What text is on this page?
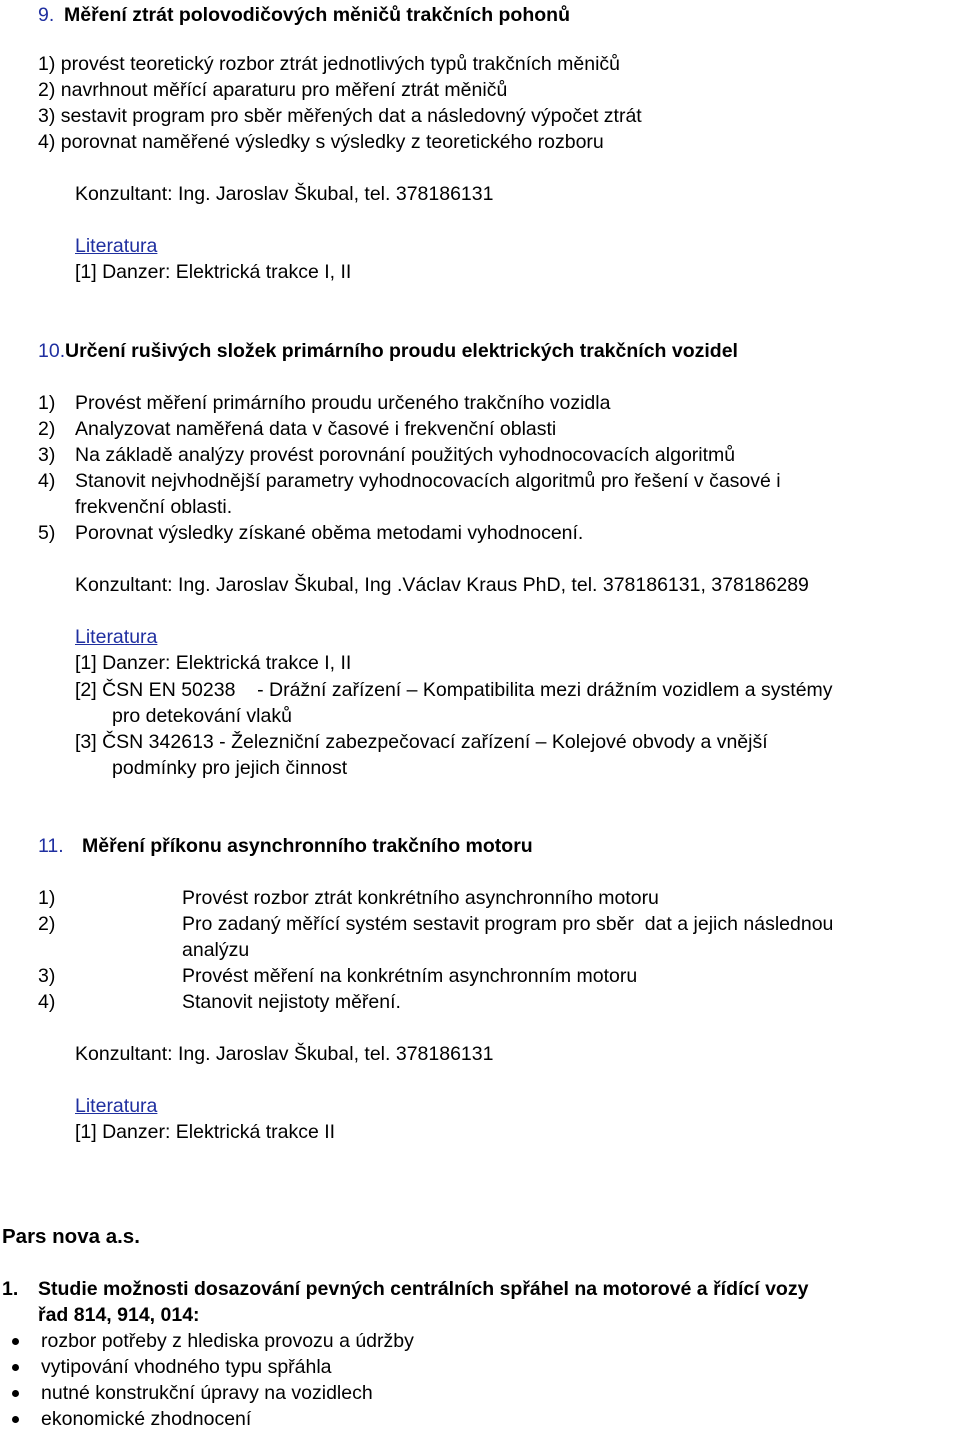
9. Měření ztrát polovodičových měničů trakčních pohonů
1) provést teoretický rozbor ztrát jednotlivých typů trakčních měničů
2) navrhnout měřící aparaturu pro měření ztrát měničů
3) sestavit program pro sběr měřených dat a následovný výpočet ztrát
4) porovnat naměřené výsledky s výsledky z teoretického rozboru
Konzultant: Ing. Jaroslav Škubal, tel. 378186131
Literatura
[1] Danzer: Elektrická trakce I, II
10. Určení rušivých složek primárního proudu elektrických trakčních vozidel
1) Provést měření primárního proudu určeného trakčního vozidla
2) Analyzovat naměřená data v časové i frekvenční oblasti
3) Na základě analýzy provést porovnání použitých vyhodnocovacích algoritmů
4) Stanovit nejvhodnější parametry vyhodnocovacích algoritmů pro řešení v časové i
frekvenční oblasti.
5) Porovnat výsledky získané oběma metodami vyhodnocení.
Konzultant: Ing. Jaroslav Škubal, Ing .Václav Kraus PhD, tel. 378186131, 378186289
Literatura
[1] Danzer: Elektrická trakce I, II
[2] ČSN EN 50238    - Drážní zařízení – Kompatibilita mezi drážním vozidlem a systémy
pro detekování vlaků
[3] ČSN 342613 - Železniční zabezpečovací zařízení – Kolejové obvody a vnější
podmínky pro jejich činnost
11. Měření příkonu asynchronního trakčního motoru
1)	Provést rozbor ztrát konkrétního asynchronního motoru
2)	Pro zadaný měřící systém sestavit program pro sběr  dat a jejich následnou
analýzu
3)	Provést měření na konkrétním asynchronním motoru
4)	Stanovit nejistoty měření.
Konzultant: Ing. Jaroslav Škubal, tel. 378186131
Literatura
[1] Danzer: Elektrická trakce II
Pars nova a.s.
1. Studie možnosti dosazování pevných centrálních spřáhel na motorové a řídící vozy
řad 814, 914, 014:
rozbor potřeby z hlediska provozu a údržby
vytipování vhodného typu spřáhla
nutné konstrukční úpravy na vozidlech
ekonomické zhodnocení
